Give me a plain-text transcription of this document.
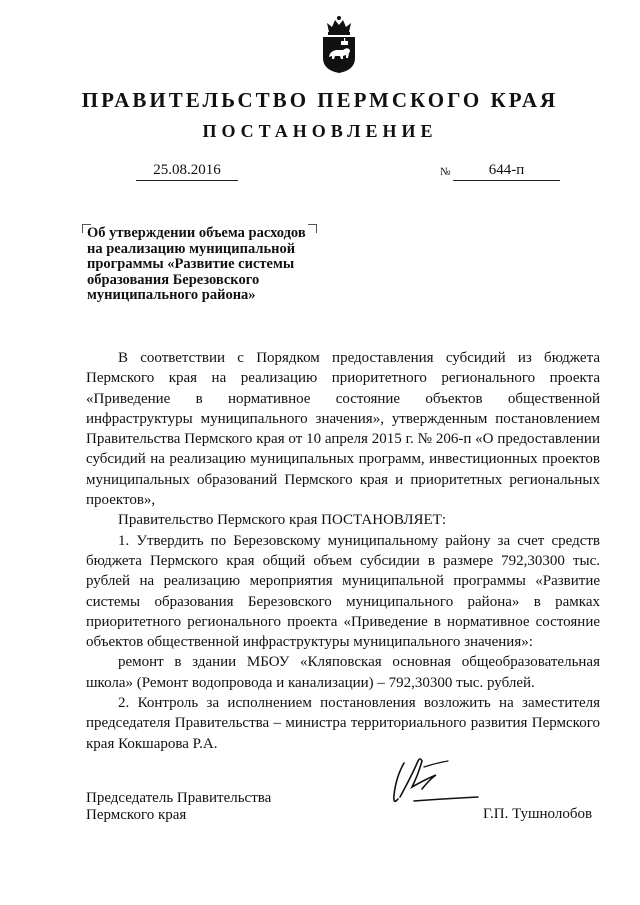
ПРАВИТЕЛЬСТВО ПЕРМСКОГО КРАЯ
ПОСТАНОВЛЕНИЕ
25.08.2016	№	644-п
Об утверждении объема расходов
на реализацию муниципальной
программы «Развитие системы
образования Березовского
муниципального района»

В соответствии с Порядком предоставления субсидий из бюджета Пермского края на реализацию приоритетного регионального проекта «Приведение в нормативное состояние объектов общественной инфраструктуры муниципального значения», утвержденным постановлением Правительства Пермского края от 10 апреля 2015 г. № 206-п «О предоставлении субсидий на реализацию муниципальных программ, инвестиционных проектов муниципальных образований Пермского края и приоритетных региональных проектов»,

Правительство Пермского края ПОСТАНОВЛЯЕТ:

1. Утвердить по Березовскому муниципальному району за счет средств бюджета Пермского края общий объем субсидии в размере 792,30300 тыс. рублей на реализацию мероприятия муниципальной программы «Развитие системы образования Березовского муниципального района» в рамках приоритетного регионального проекта «Приведение в нормативное состояние объектов общественной инфраструктуры муниципального значения»:

ремонт в здании МБОУ «Кляповская основная общеобразовательная школа» (Ремонт водопровода и канализации) – 792,30300 тыс. рублей.

2. Контроль за исполнением постановления возложить на заместителя председателя Правительства – министра территориального развития Пермского края Кокшарова Р.А.

Председатель Правительства
Пермского края	Г.П. Тушнолобов
